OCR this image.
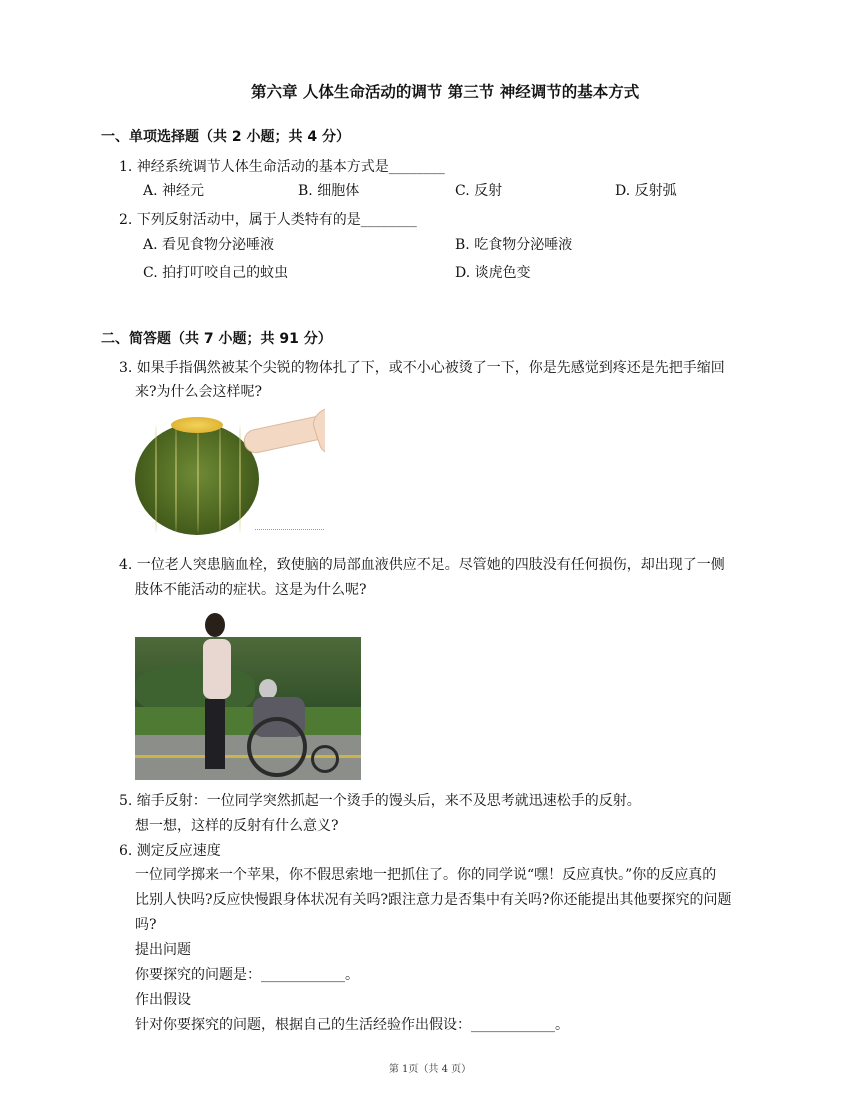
第六章 人体生命活动的调节 第三节 神经调节的基本方式
一、单项选择题（共 2 小题；共 4 分）
1. 神经系统调节人体生命活动的基本方式是________
A. 神经元	B. 细胞体	C. 反射	D. 反射弧
2. 下列反射活动中，属于人类特有的是________
A. 看见食物分泌唾液	B. 吃食物分泌唾液
C. 拍打叮咬自己的蚊虫	D. 谈虎色变
二、简答题（共 7 小题；共 91 分）
3. 如果手指偶然被某个尖锐的物体扎了下，或不小心被烫了一下，你是先感觉到疼还是先把手缩回
来?为什么会这样呢?
4. 一位老人突患脑血栓，致使脑的局部血液供应不足。尽管她的四肢没有任何损伤，却出现了一侧
肢体不能活动的症状。这是为什么呢?
5. 缩手反射：一位同学突然抓起一个烫手的馒头后，来不及思考就迅速松手的反射。
想一想，这样的反射有什么意义?
6. 测定反应速度
一位同学掷来一个苹果，你不假思索地一把抓住了。你的同学说“嘿！反应真快。”你的反应真的
比别人快吗?反应快慢跟身体状况有关吗?跟注意力是否集中有关吗?你还能提出其他要探究的问题
吗?
提出问题
你要探究的问题是：____________。
作出假设
针对你要探究的问题，根据自己的生活经验作出假设：____________。
第 1页（共 4 页）
